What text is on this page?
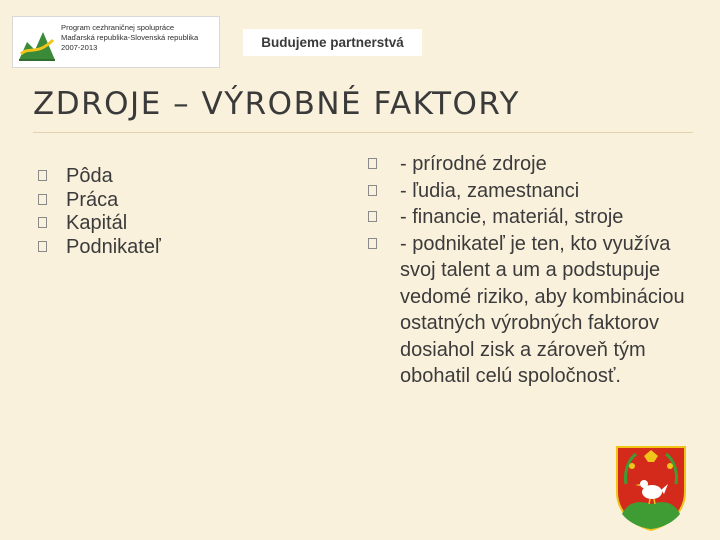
Program cezhraničnej spolupráce
Maďarská republika-Slovenská republika
2007-2013	Budujeme partnerstvá
ZDROJE – VÝROBNÉ FAKTORY
Pôda
Práca
Kapitál
Podnikateľ
- prírodné zdroje
- ľudia, zamestnanci
- financie, materiál, stroje
- podnikateľ je ten, kto využíva svoj talent a um a podstupuje vedomé riziko, aby kombináciou ostatných výrobných faktorov dosiahol zisk a zároveň tým obohatil celú spoločnosť.
